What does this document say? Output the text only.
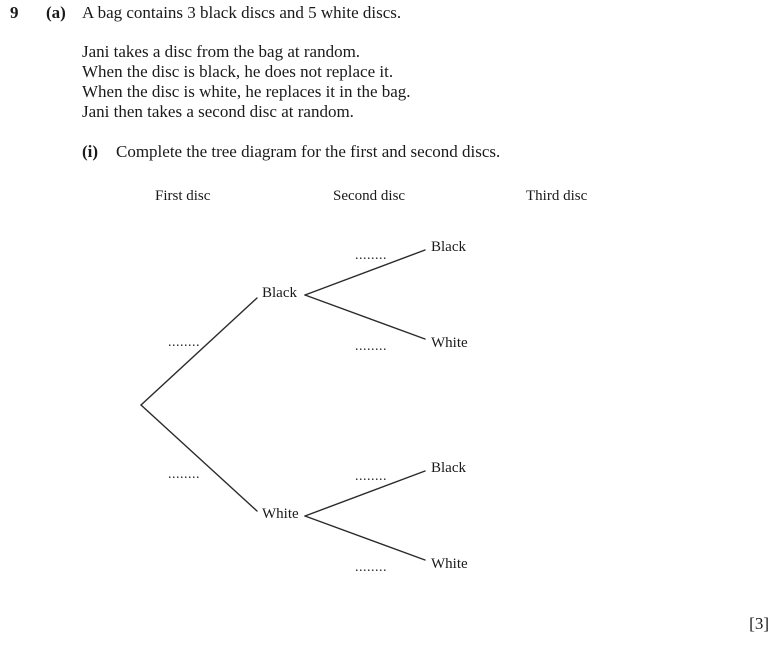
9 (a) A bag contains 3 black discs and 5 white discs.
Jani takes a disc from the bag at random.
When the disc is black, he does not replace it.
When the disc is white, he replaces it in the bag.
Jani then takes a second disc at random.
(i) Complete the tree diagram for the first and second discs.
First disc	Second disc	Third disc
Black
White
Black
White
Black
White
........
........
........
........
........
........
[3]
